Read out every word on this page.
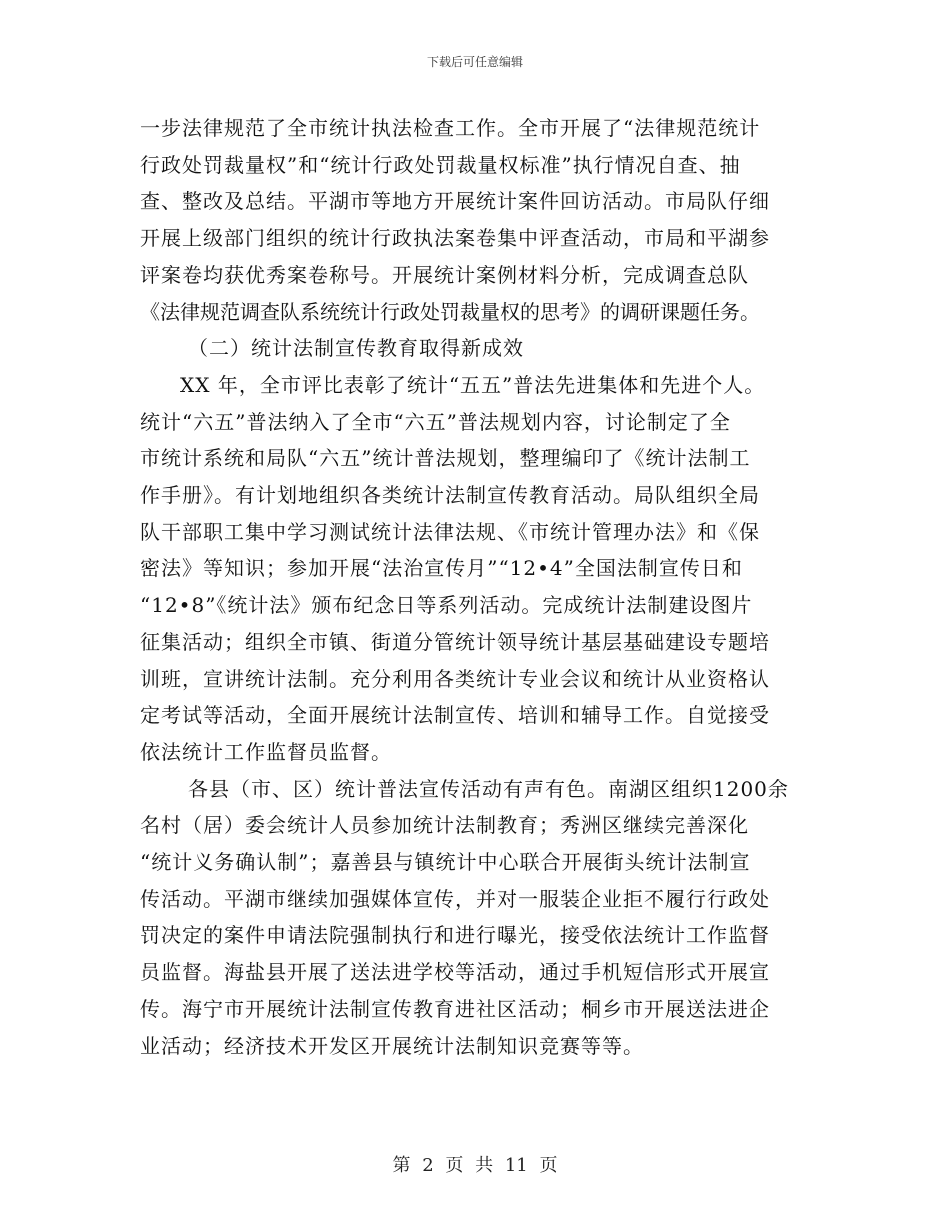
下载后可任意编辑
一步法律规范了全市统计执法检查工作。全市开展了“法律规范统计
行政处罚裁量权”和“统计行政处罚裁量权标准”执行情况自查、抽
查、整改及总结。平湖市等地方开展统计案件回访活动。市局队仔细
开展上级部门组织的统计行政执法案卷集中评查活动，市局和平湖参
评案卷均获优秀案卷称号。开展统计案例材料分析，完成调查总队
《法律规范调查队系统统计行政处罚裁量权的思考》的调研课题任务。
（二）统计法制宣传教育取得新成效
XX 年，全市评比表彰了统计“五五”普法先进集体和先进个人。
统计“六五”普法纳入了全市“六五”普法规划内容，讨论制定了全
市统计系统和局队“六五”统计普法规划，整理编印了《统计法制工
作手册》。有计划地组织各类统计法制宣传教育活动。局队组织全局
队干部职工集中学习测试统计法律法规、《市统计管理办法》和《保
密法》等知识；参加开展“法治宣传月”“12•4”全国法制宣传日和
“12•8”《统计法》颁布纪念日等系列活动。完成统计法制建设图片
征集活动；组织全市镇、街道分管统计领导统计基层基础建设专题培
训班，宣讲统计法制。充分利用各类统计专业会议和统计从业资格认
定考试等活动，全面开展统计法制宣传、培训和辅导工作。自觉接受
依法统计工作监督员监督。
各县（市、区）统计普法宣传活动有声有色。南湖区组织1200余
名村（居）委会统计人员参加统计法制教育；秀洲区继续完善深化
“统计义务确认制”；嘉善县与镇统计中心联合开展街头统计法制宣
传活动。平湖市继续加强媒体宣传，并对一服装企业拒不履行行政处
罚决定的案件申请法院强制执行和进行曝光，接受依法统计工作监督
员监督。海盐县开展了送法进学校等活动，通过手机短信形式开展宣
传。海宁市开展统计法制宣传教育进社区活动；桐乡市开展送法进企
业活动；经济技术开发区开展统计法制知识竞赛等等。
第 2 页 共 11 页
